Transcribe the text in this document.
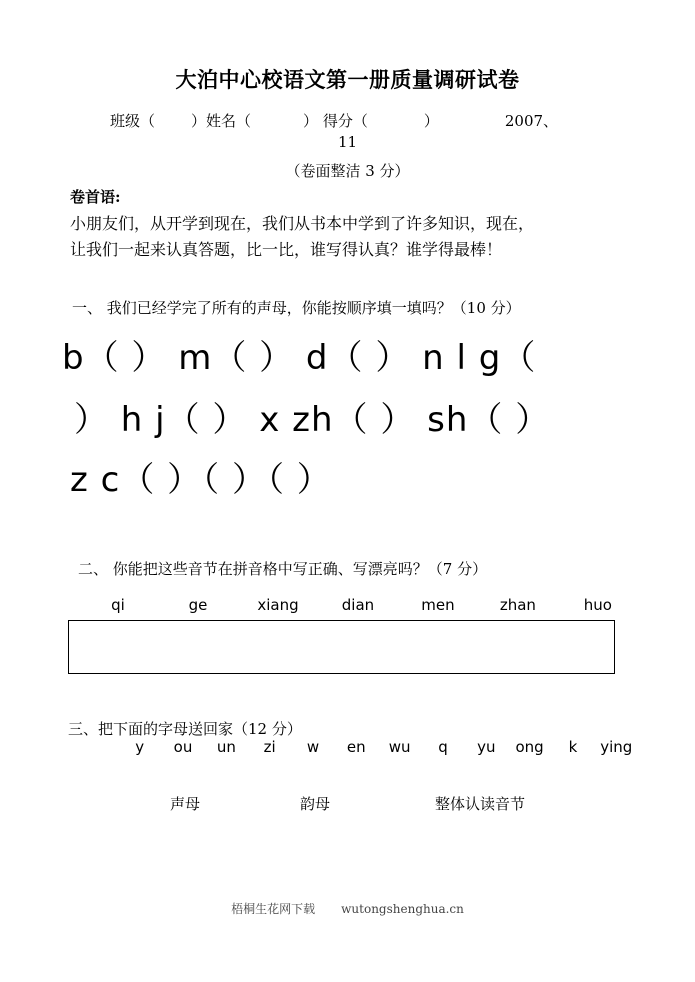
大泊中心校语文第一册质量调研试卷
班级（ ）姓名（	） 得分（	）	2007、
11
（卷面整洁 3 分）
卷首语:
小朋友们，从开学到现在，我们从书本中学到了许多知识，现在，
让我们一起来认真答题，比一比，谁写得认真？谁学得最棒！
一、 我们已经学完了所有的声母，你能按顺序填一填吗？（10 分）
b（ ） m（ ） d（ ） n l g（
） h j（ ） x zh（ ） sh（ ）
z c（ ）（ ）（ ）
二、 你能把这些音节在拼音格中写正确、写漂亮吗？（7 分）
qi	ge	xiang	dian	men	zhan	huo
三、把下面的字母送回家（12 分）
y ou un zi w en wu q yu ong k ying
声母	韵母	整体认读音节
梧桐生花网下载 wutongshenghua.cn
